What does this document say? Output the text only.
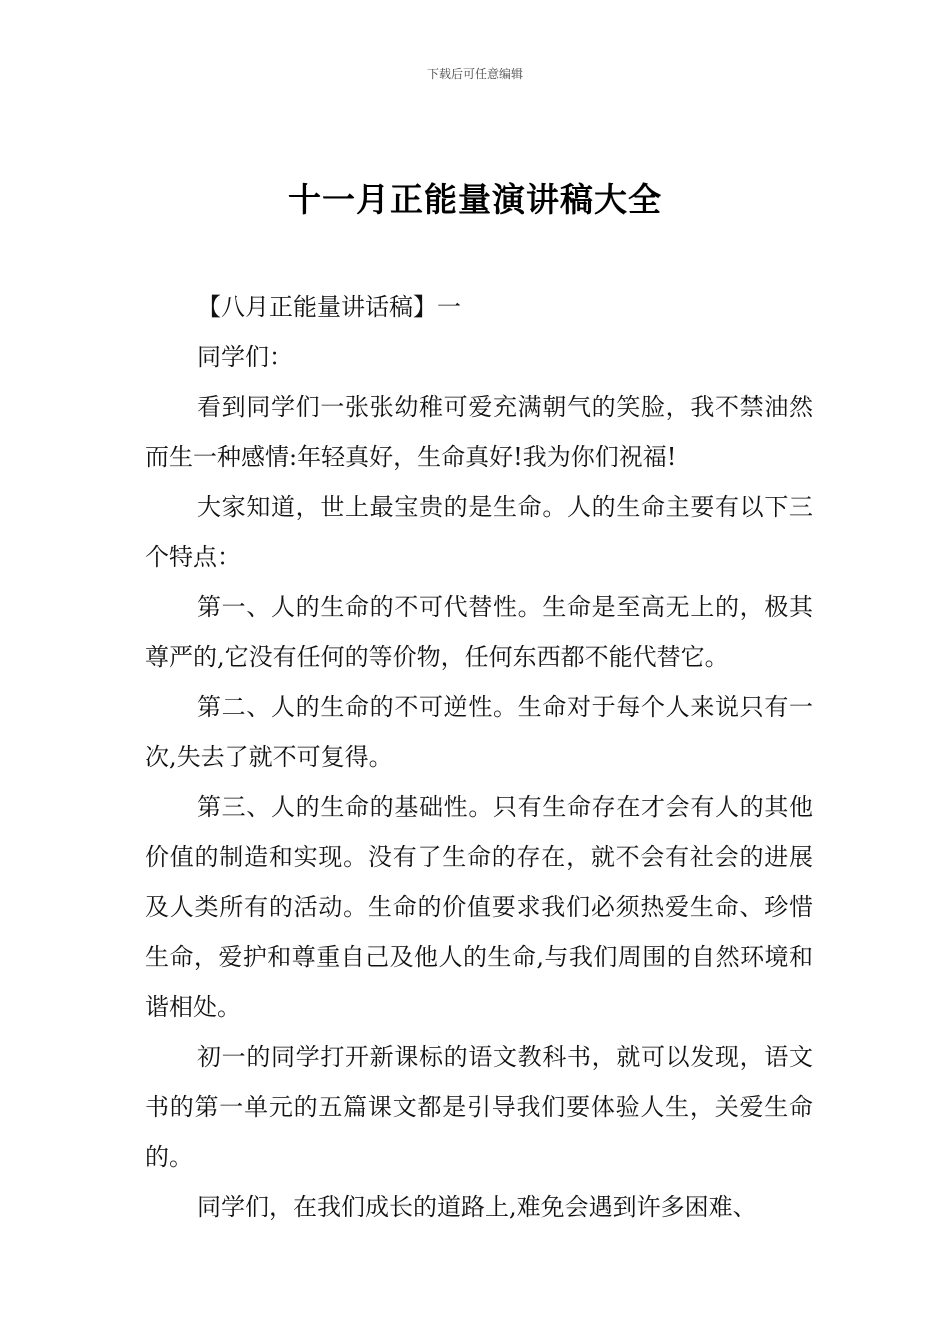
下载后可任意编辑
十一月正能量演讲稿大全

【八月正能量讲话稿】一

同学们：

看到同学们一张张幼稚可爱充满朝气的笑脸，我不禁油然而生一种感情:年轻真好，生命真好!我为你们祝福!

大家知道，世上最宝贵的是生命。人的生命主要有以下三个特点：

第一、人的生命的不可代替性。生命是至高无上的，极其尊严的,它没有任何的等价物，任何东西都不能代替它。

第二、人的生命的不可逆性。生命对于每个人来说只有一次,失去了就不可复得。

第三、人的生命的基础性。只有生命存在才会有人的其他价值的制造和实现。没有了生命的存在，就不会有社会的进展及人类所有的活动。生命的价值要求我们必须热爱生命、珍惜生命，爱护和尊重自己及他人的生命,与我们周围的自然环境和谐相处。

初一的同学打开新课标的语文教科书，就可以发现，语文书的第一单元的五篇课文都是引导我们要体验人生，关爱生命的。

同学们，在我们成长的道路上,难免会遇到许多困难、
